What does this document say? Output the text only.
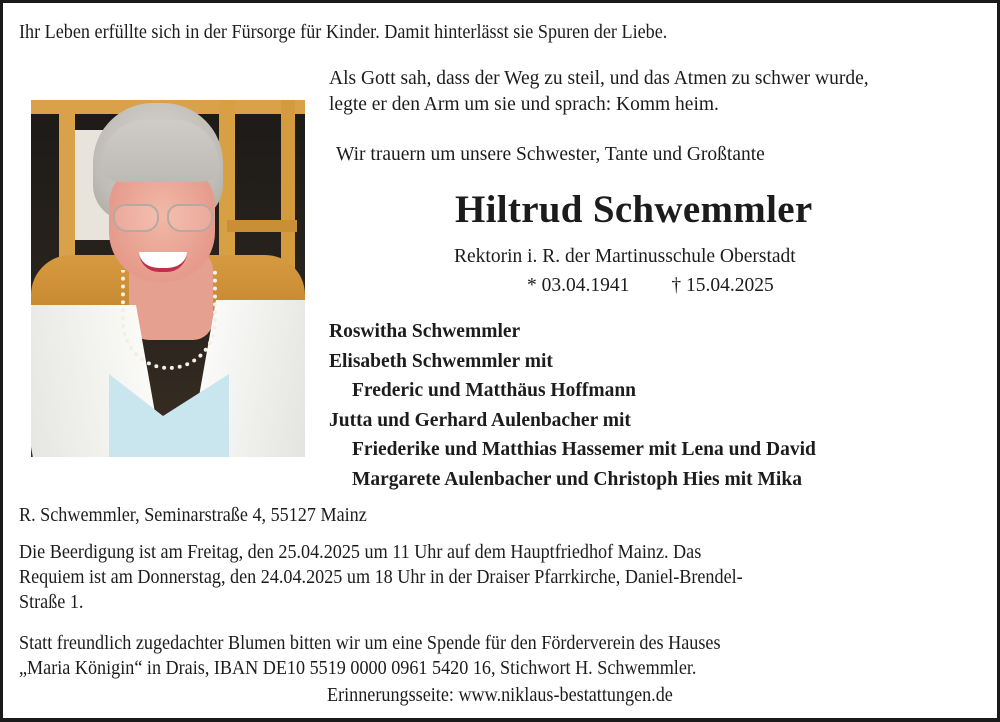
Ihr Leben erfüllte sich in der Fürsorge für Kinder. Damit hinterlässt sie Spuren der Liebe.
Als Gott sah, dass der Weg zu steil, und das Atmen zu schwer wurde,
legte er den Arm um sie und sprach: Komm heim.
Wir trauern um unsere Schwester, Tante und Großtante
Hiltrud Schwemmler
Rektorin i. R. der Martinusschule Oberstadt
* 03.04.1941 † 15.04.2025
Roswitha Schwemmler
Elisabeth Schwemmler mit
Frederic und Matthäus Hoffmann
Jutta und Gerhard Aulenbacher mit
Friederike und Matthias Hassemer mit Lena und David
Margarete Aulenbacher und Christoph Hies mit Mika
R. Schwemmler, Seminarstraße 4, 55127 Mainz
Die Beerdigung ist am Freitag, den 25.04.2025 um 11 Uhr auf dem Hauptfriedhof Mainz. Das
Requiem ist am Donnerstag, den 24.04.2025 um 18 Uhr in der Draiser Pfarrkirche, Daniel-Brendel-
Straße 1.
Statt freundlich zugedachter Blumen bitten wir um eine Spende für den Förderverein des Hauses
„Maria Königin“ in Drais, IBAN DE10 5519 0000 0961 5420 16, Stichwort H. Schwemmler.
Erinnerungsseite: www.niklaus-bestattungen.de
